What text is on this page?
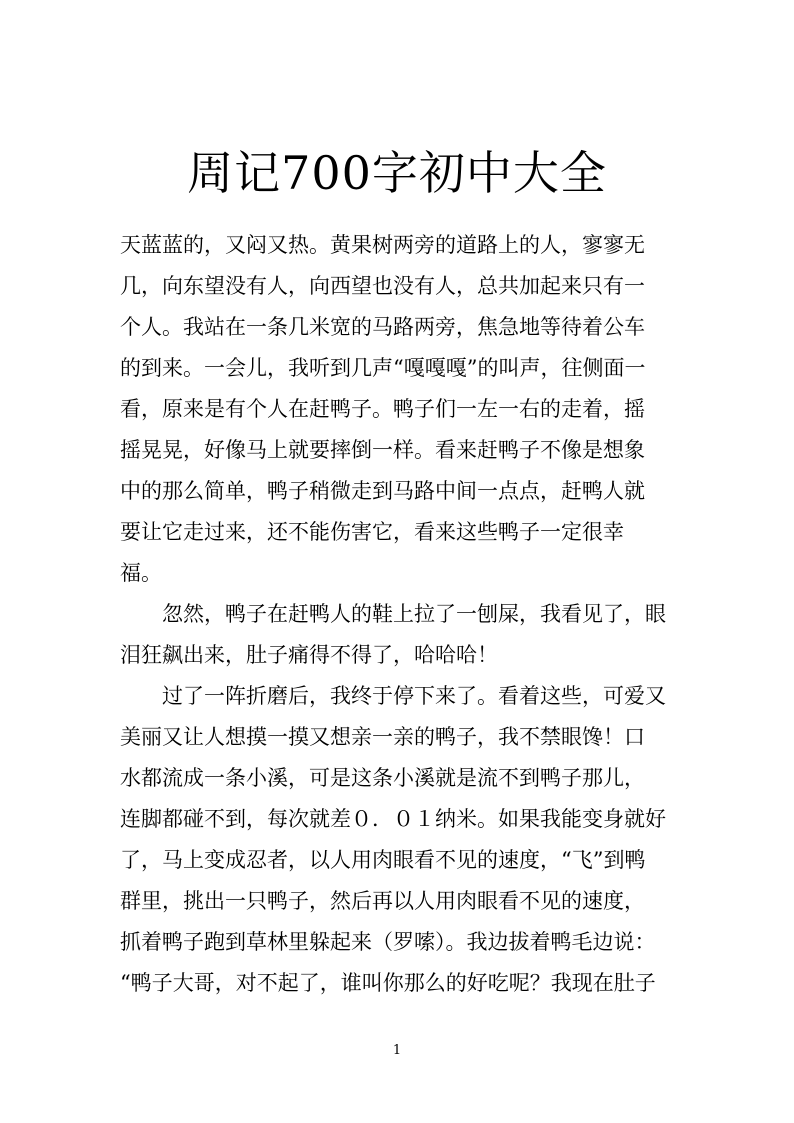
周记700字初中大全

天蓝蓝的，又闷又热。黄果树两旁的道路上的人，寥寥无

几，向东望没有人，向西望也没有人，总共加起来只有一

个人。我站在一条几米宽的马路两旁，焦急地等待着公车

的到来。一会儿，我听到几声“嘎嘎嘎”的叫声，往侧面一

看，原来是有个人在赶鸭子。鸭子们一左一右的走着，摇

摇晃晃，好像马上就要摔倒一样。看来赶鸭子不像是想象

中的那么简单，鸭子稍微走到马路中间一点点，赶鸭人就

要让它走过来，还不能伤害它，看来这些鸭子一定很幸

福。

　　忽然，鸭子在赶鸭人的鞋上拉了一刨屎，我看见了，眼

泪狂飙出来，肚子痛得不得了，哈哈哈！

　　过了一阵折磨后，我终于停下来了。看着这些，可爱又

美丽又让人想摸一摸又想亲一亲的鸭子，我不禁眼馋！口

水都流成一条小溪，可是这条小溪就是流不到鸭子那儿，

连脚都碰不到，每次就差０．０１纳米。如果我能变身就好

了，马上变成忍者，以人用肉眼看不见的速度，“飞”到鸭

群里，挑出一只鸭子，然后再以人用肉眼看不见的速度，

抓着鸭子跑到草林里躲起来（罗嗦）。我边拔着鸭毛边说：

“鸭子大哥，对不起了，谁叫你那么的好吃呢？我现在肚子

1
